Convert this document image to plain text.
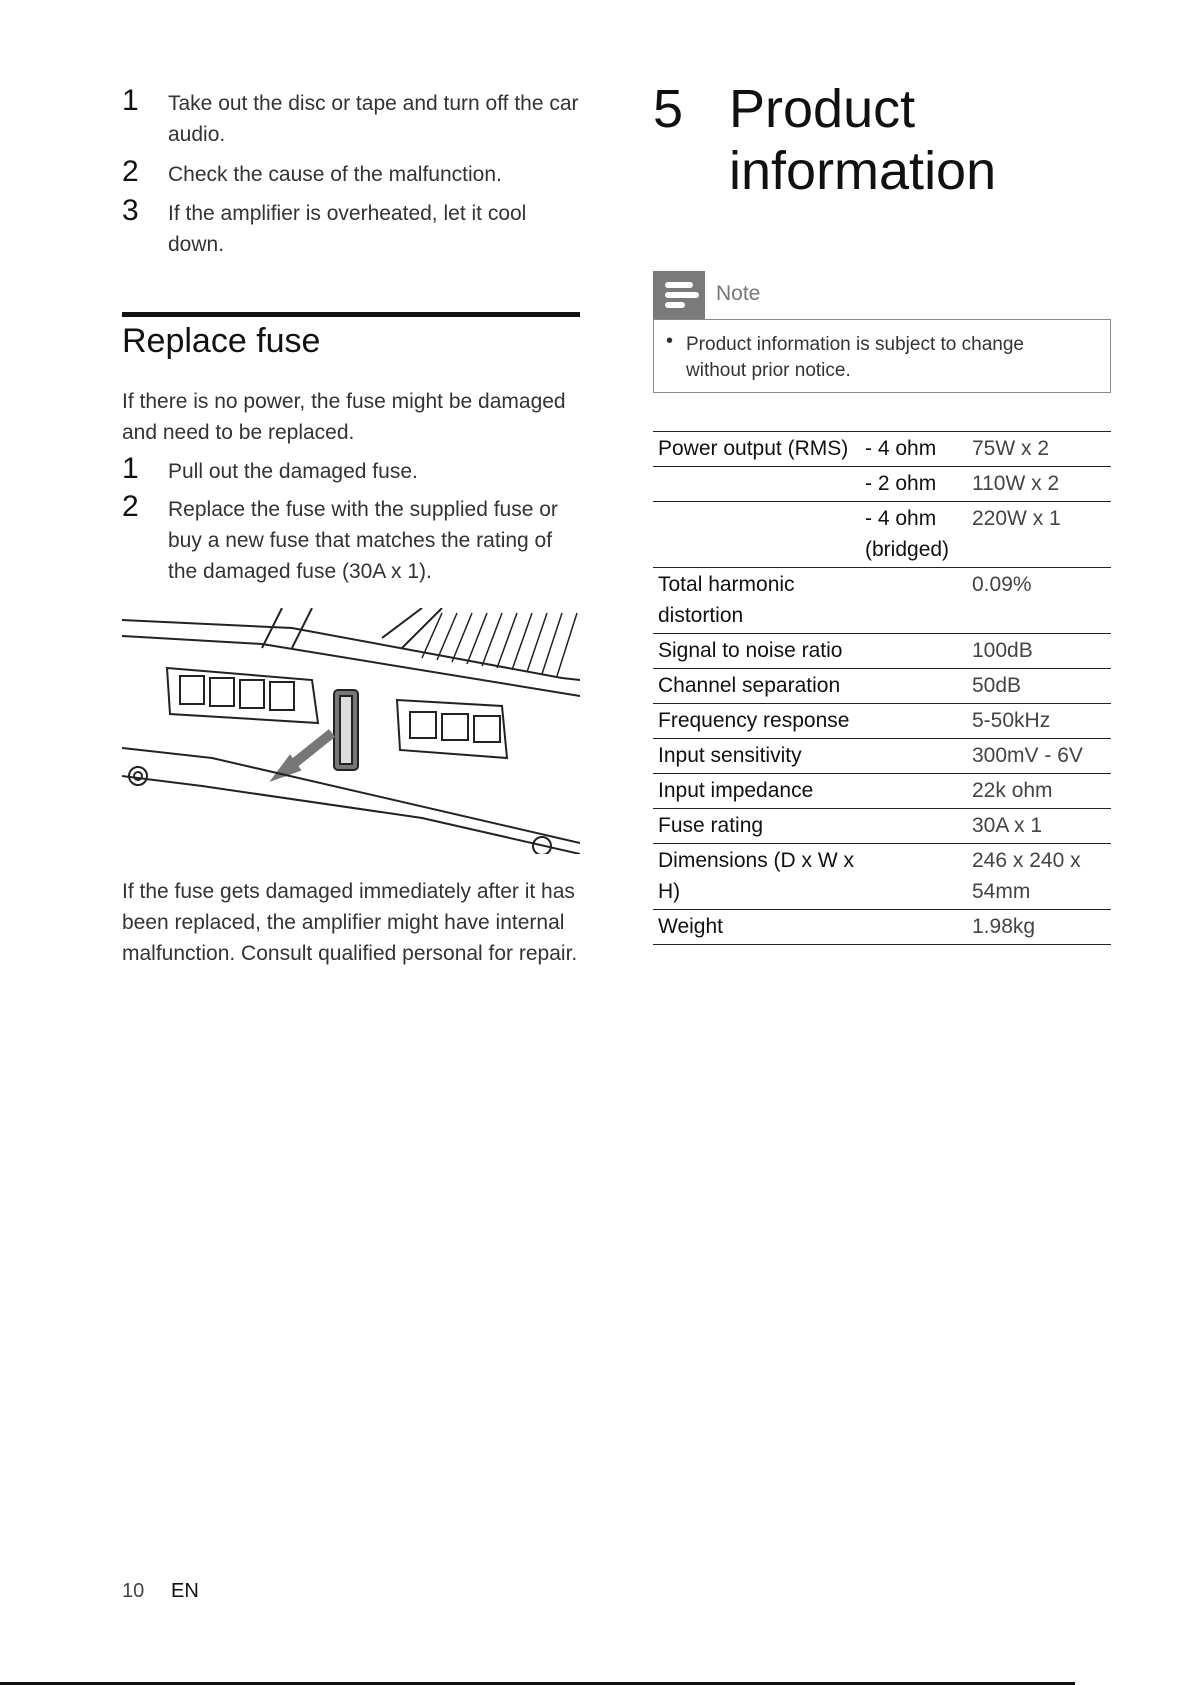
1 Take out the disc or tape and turn off the car audio.
2 Check the cause of the malfunction.
3 If the amplifier is overheated, let it cool down.
Replace fuse
If there is no power, the fuse might be damaged and need to be replaced.
1 Pull out the damaged fuse.
2 Replace the fuse with the supplied fuse or buy a new fuse that matches the rating of the damaged fuse (30A x 1).
If the fuse gets damaged immediately after it has been replaced, the amplifier might have internal malfunction. Consult qualified personal for repair.
5 Product
information
Note
• Product information is subject to change without prior notice.
Power output (RMS)	- 4 ohm	75W x 2
	- 2 ohm	110W x 2
	- 4 ohm (bridged)	220W x 1
Total harmonic distortion		0.09%
Signal to noise ratio		100dB
Channel separation		50dB
Frequency response		5-50kHz
Input sensitivity		300mV - 6V
Input impedance		22k ohm
Fuse rating		30A x 1
Dimensions (D x W x H)		246 x 240 x 54mm
Weight		1.98kg
10 EN
